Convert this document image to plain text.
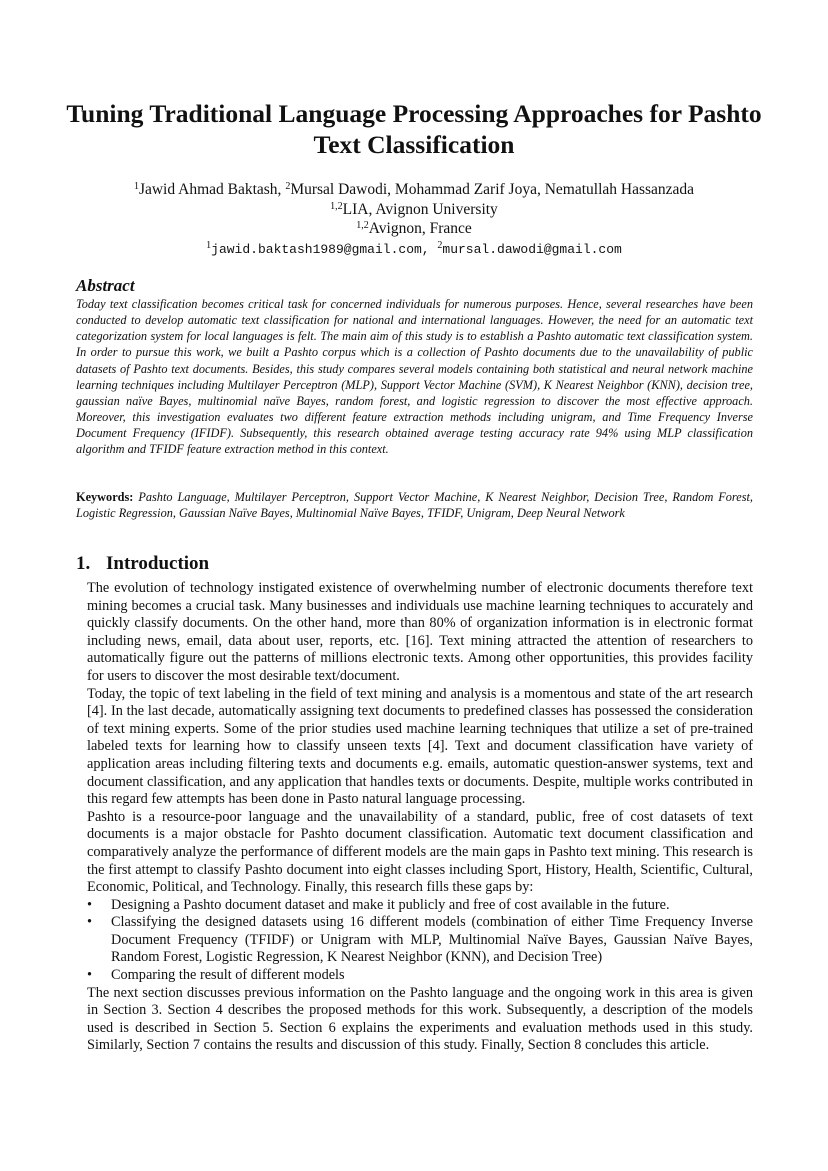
Tuning Traditional Language Processing Approaches for Pashto Text Classification
$^1$Jawid Ahmad Baktash, $^2$Mursal Dawodi, Mohammad Zarif Joya, Nematullah Hassanzada
$^{1,2}$LIA, Avignon University
$^{1,2}$Avignon, France
$^1$jawid.baktash1989@gmail.com, $^2$mursal.dawodi@gmail.com
Abstract
Today text classification becomes critical task for concerned individuals for numerous purposes. Hence, several researches have been conducted to develop automatic text classification for national and international languages. However, the need for an automatic text categorization system for local languages is felt. The main aim of this study is to establish a Pashto automatic text classification system. In order to pursue this work, we built a Pashto corpus which is a collection of Pashto documents due to the unavailability of public datasets of Pashto text documents. Besides, this study compares several models containing both statistical and neural network machine learning techniques including Multilayer Perceptron (MLP), Support Vector Machine (SVM), K Nearest Neighbor (KNN), decision tree, gaussian naïve Bayes, multinomial naïve Bayes, random forest, and logistic regression to discover the most effective approach. Moreover, this investigation evaluates two different feature extraction methods including unigram, and Time Frequency Inverse Document Frequency (IFIDF). Subsequently, this research obtained average testing accuracy rate 94% using MLP classification algorithm and TFIDF feature extraction method in this context.
Keywords: Pashto Language, Multilayer Perceptron, Support Vector Machine, K Nearest Neighbor, Decision Tree, Random Forest, Logistic Regression, Gaussian Naïve Bayes, Multinomial Naïve Bayes, TFIDF, Unigram, Deep Neural Network
1. Introduction

The evolution of technology instigated existence of overwhelming number of electronic documents therefore text mining becomes a crucial task. Many businesses and individuals use machine learning techniques to accurately and quickly classify documents. On the other hand, more than 80% of organization information is in electronic format including news, email, data about user, reports, etc. [16]. Text mining attracted the attention of researchers to automatically figure out the patterns of millions electronic texts. Among other opportunities, this provides facility for users to discover the most desirable text/document.

Today, the topic of text labeling in the field of text mining and analysis is a momentous and state of the art research [4]. In the last decade, automatically assigning text documents to predefined classes has possessed the consideration of text mining experts. Some of the prior studies used machine learning techniques that utilize a set of pre-trained labeled texts for learning how to classify unseen texts [4]. Text and document classification have variety of application areas including filtering texts and documents e.g. emails, automatic question-answer systems, text and document classification, and any application that handles texts or documents. Despite, multiple works contributed in this regard few attempts has been done in Pasto natural language processing.

Pashto is a resource-poor language and the unavailability of a standard, public, free of cost datasets of text documents is a major obstacle for Pashto document classification. Automatic text document classification and comparatively analyze the performance of different models are the main gaps in Pashto text mining. This research is the first attempt to classify Pashto document into eight classes including Sport, History, Health, Scientific, Cultural, Economic, Political, and Technology. Finally, this research fills these gaps by:

• Designing a Pashto document dataset and make it publicly and free of cost available in the future.
• Classifying the designed datasets using 16 different models (combination of either Time Frequency Inverse Document Frequency (TFIDF) or Unigram with MLP, Multinomial Naïve Bayes, Gaussian Naïve Bayes, Random Forest, Logistic Regression, K Nearest Neighbor (KNN), and Decision Tree)
• Comparing the result of different models

The next section discusses previous information on the Pashto language and the ongoing work in this area is given in Section 3. Section 4 describes the proposed methods for this work. Subsequently, a description of the models used is described in Section 5. Section 6 explains the experiments and evaluation methods used in this study. Similarly, Section 7 contains the results and discussion of this study. Finally, Section 8 concludes this article.
